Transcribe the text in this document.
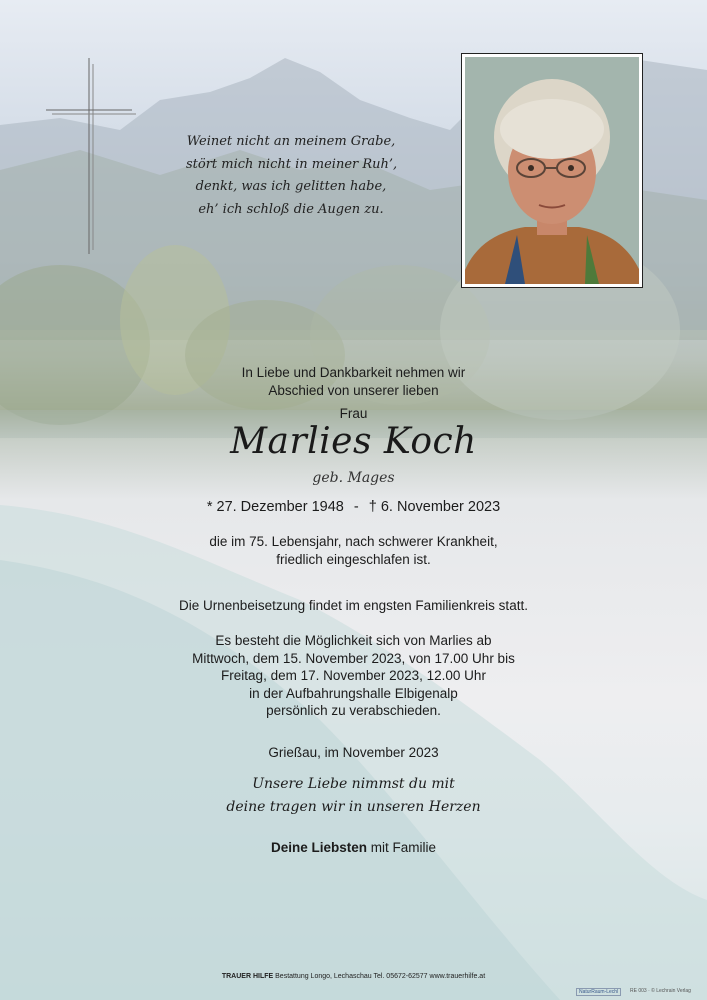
Weinet nicht an meinem Grabe,
stört mich nicht in meiner Ruh’,
denkt, was ich gelitten habe,
eh’ ich schloß die Augen zu.
In Liebe und Dankbarkeit nehmen wir
Abschied von unserer lieben
Frau
Marlies Koch
geb. Mages
* 27. Dezember 1948 - † 6. November 2023
die im 75. Lebensjahr, nach schwerer Krankheit,
friedlich eingeschlafen ist.
Die Urnenbeisetzung findet im engsten Familienkreis statt.
Es besteht die Möglichkeit sich von Marlies ab
Mittwoch, dem 15. November 2023, von 17.00 Uhr bis
Freitag, dem 17. November 2023, 12.00 Uhr
in der Aufbahrungshalle Elbigenalp
persönlich zu verabschieden.
Grießau, im November 2023
Unsere Liebe nimmst du mit
deine tragen wir in unseren Herzen
Deine Liebsten mit Familie
TRAUER HILFE Bestattung Longo, Lechaschau Tel. 05672-62577 www.trauerhilfe.at
NaturRaum-Lechl	RE 003 · © Lechrain Verlag
